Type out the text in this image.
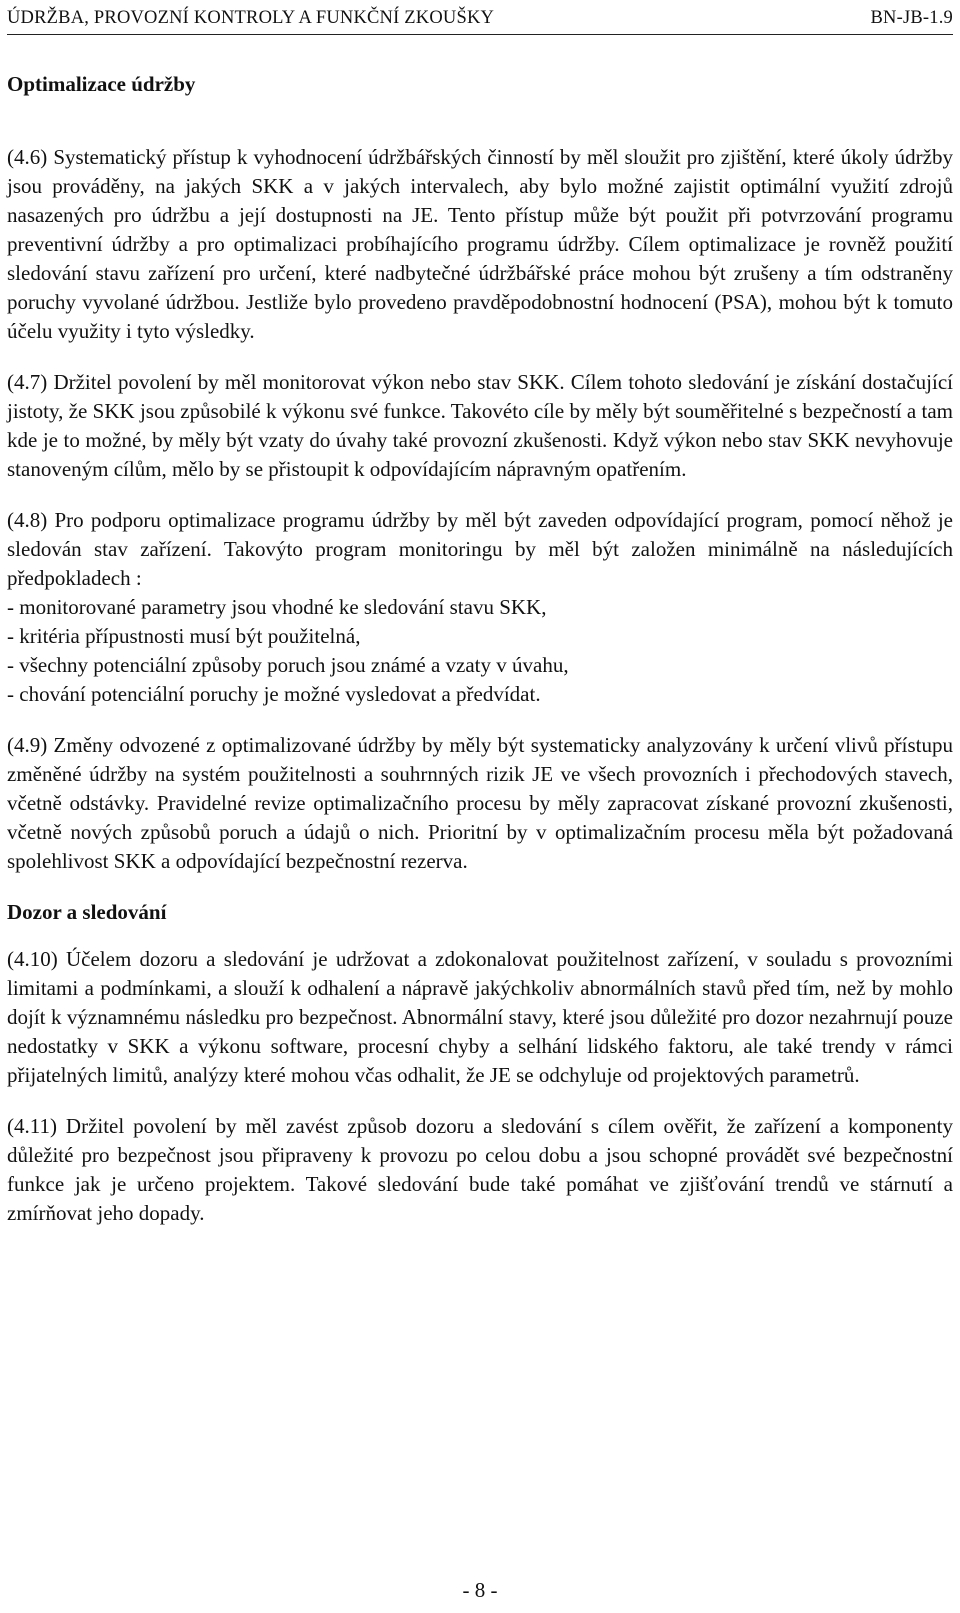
ÚDRŽBA, PROVOZNÍ KONTROLY A FUNKČNÍ ZKOUŠKY	BN-JB-1.9
Optimalizace údržby

(4.6) Systematický přístup k vyhodnocení údržbářských činností by měl sloužit pro zjištění, které úkoly údržby jsou prováděny, na jakých SKK a v jakých intervalech, aby bylo možné zajistit optimální využití zdrojů nasazených pro údržbu a její dostupnosti na JE. Tento přístup může být použit při potvrzování programu preventivní údržby a pro optimalizaci probíhajícího programu údržby. Cílem optimalizace je rovněž použití sledování stavu zařízení pro určení, které nadbytečné údržbářské práce mohou být zrušeny a tím odstraněny poruchy vyvolané údržbou. Jestliže bylo provedeno pravděpodobnostní hodnocení (PSA), mohou být k tomuto účelu využity i tyto výsledky.

(4.7) Držitel povolení by měl monitorovat výkon nebo stav SKK. Cílem tohoto sledování je získání dostačující jistoty, že SKK jsou způsobilé k výkonu své funkce. Takovéto cíle by měly být souměřitelné s bezpečností a tam kde je to možné, by měly být vzaty do úvahy také provozní zkušenosti. Když výkon nebo stav SKK nevyhovuje stanoveným cílům, mělo by se přistoupit k odpovídajícím nápravným opatřením.

(4.8) Pro podporu optimalizace programu údržby by měl být zaveden odpovídající program, pomocí něhož je sledován stav zařízení. Takovýto program monitoringu by měl být založen minimálně na následujících předpokladech :

- monitorované parametry jsou vhodné ke sledování stavu SKK,
- kritéria přípustnosti musí být použitelná,
- všechny potenciální způsoby poruch jsou známé a vzaty v úvahu,
- chování potenciální poruchy je možné vysledovat a předvídat.

(4.9) Změny odvozené z optimalizované údržby by měly být systematicky analyzovány k určení vlivů přístupu změněné údržby na systém použitelnosti a souhrnných rizik JE ve všech provozních i přechodových stavech, včetně odstávky. Pravidelné revize optimalizačního procesu by měly zapracovat získané provozní zkušenosti, včetně nových způsobů poruch a údajů o nich. Prioritní by v optimalizačním procesu měla být požadovaná spolehlivost SKK a odpovídající bezpečnostní rezerva.

Dozor a sledování

(4.10) Účelem dozoru a sledování je udržovat a zdokonalovat použitelnost zařízení, v souladu s provozními limitami a podmínkami, a slouží k odhalení a nápravě jakýchkoliv abnormálních stavů před tím, než by mohlo dojít k významnému následku pro bezpečnost. Abnormální stavy, které jsou důležité pro dozor nezahrnují pouze nedostatky v SKK a výkonu software, procesní chyby a selhání lidského faktoru, ale také trendy v rámci přijatelných limitů, analýzy které mohou včas odhalit, že JE se odchyluje od projektových parametrů.

(4.11) Držitel povolení by měl zavést způsob dozoru a sledování s cílem ověřit, že zařízení a komponenty důležité pro bezpečnost jsou připraveny k provozu po celou dobu a jsou schopné provádět své bezpečnostní funkce jak je určeno projektem. Takové sledování bude také pomáhat ve zjišťování trendů ve stárnutí a zmírňovat jeho dopady.

- 8 -
